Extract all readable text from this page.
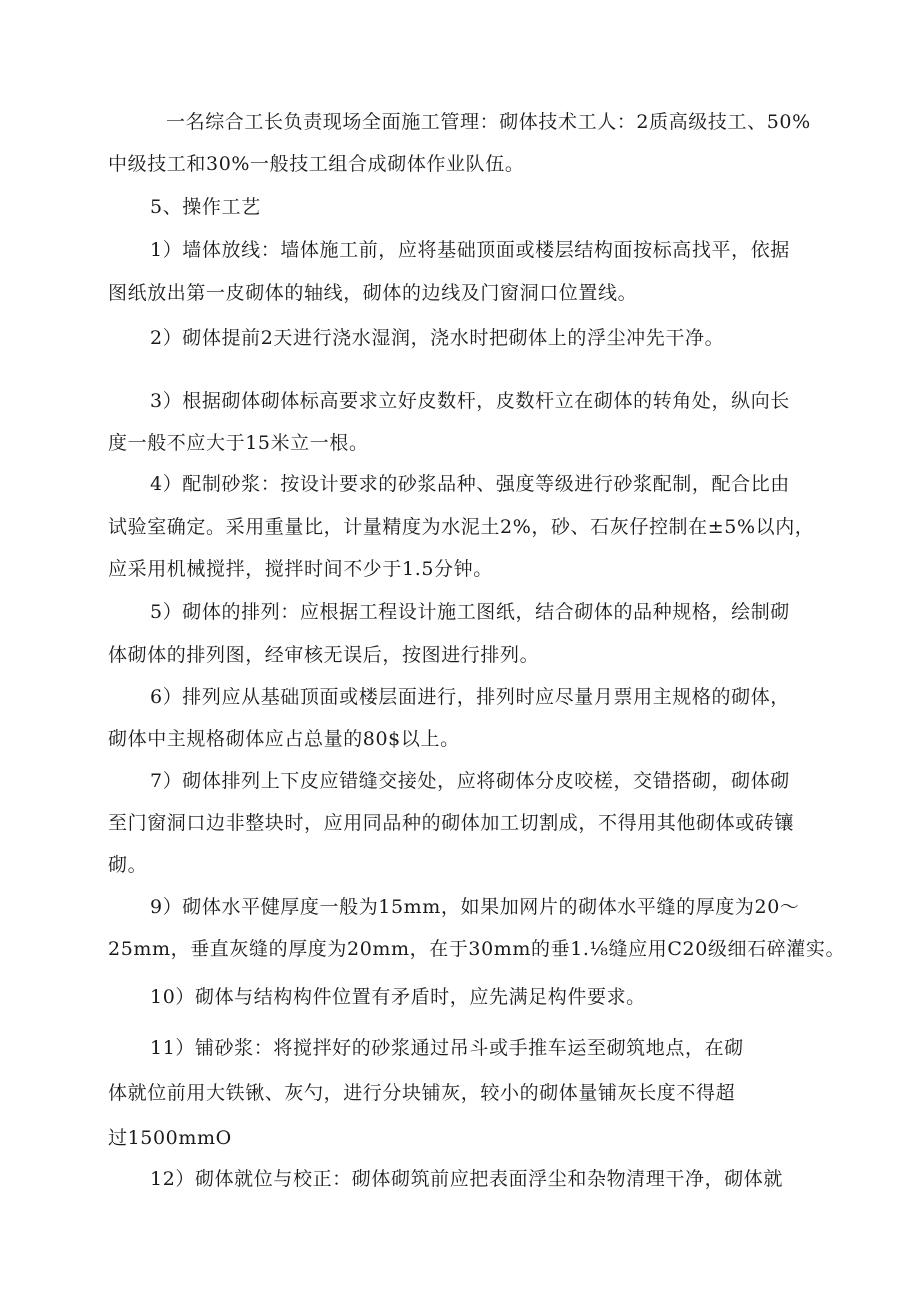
一名综合工长负责现场全面施工管理：砌体技术工人：2质高级技工、50%
中级技工和30%一般技工组合成砌体作业队伍。
5、操作工艺
1）墙体放线：墙体施工前，应将基础顶面或楼层结构面按标高找平，依据
图纸放出第一皮砌体的轴线，砌体的边线及门窗洞口位置线。
2）砌体提前2天进行浇水湿润，浇水时把砌体上的浮尘冲先干净。
3）根据砌体砌体标高要求立好皮数杆，皮数杆立在砌体的转角处，纵向长
度一般不应大于15米立一根。
4）配制砂浆：按设计要求的砂浆品种、强度等级进行砂浆配制，配合比由
试验室确定。采用重量比，计量精度为水泥土2%，砂、石灰仔控制在±5%以内，
应采用机械搅拌，搅拌时间不少于1.5分钟。
5）砌体的排列：应根据工程设计施工图纸，结合砌体的品种规格，绘制砌
体砌体的排列图，经审核无误后，按图进行排列。
6）排列应从基础顶面或楼层面进行，排列时应尽量月票用主规格的砌体，
砌体中主规格砌体应占总量的80$以上。
7）砌体排列上下皮应错缝交接处，应将砌体分皮咬槎，交错搭砌，砌体砌
至门窗洞口边非整块时，应用同品种的砌体加工切割成，不得用其他砌体或砖镶
砌。
9）砌体水平健厚度一般为15mm，如果加网片的砌体水平缝的厚度为20～
25mm，垂直灰缝的厚度为20mm，在于30mm的垂1.⅛缝应用C20级细石碎灌实。
10）砌体与结构构件位置有矛盾时，应先满足构件要求。
11）铺砂浆：将搅拌好的砂浆通过吊斗或手推车运至砌筑地点，在砌
体就位前用大铁锹、灰勺，进行分块铺灰，较小的砌体量铺灰长度不得超
过1500mmO
12）砌体就位与校正：砌体砌筑前应把表面浮尘和杂物清理干净，砌体就
